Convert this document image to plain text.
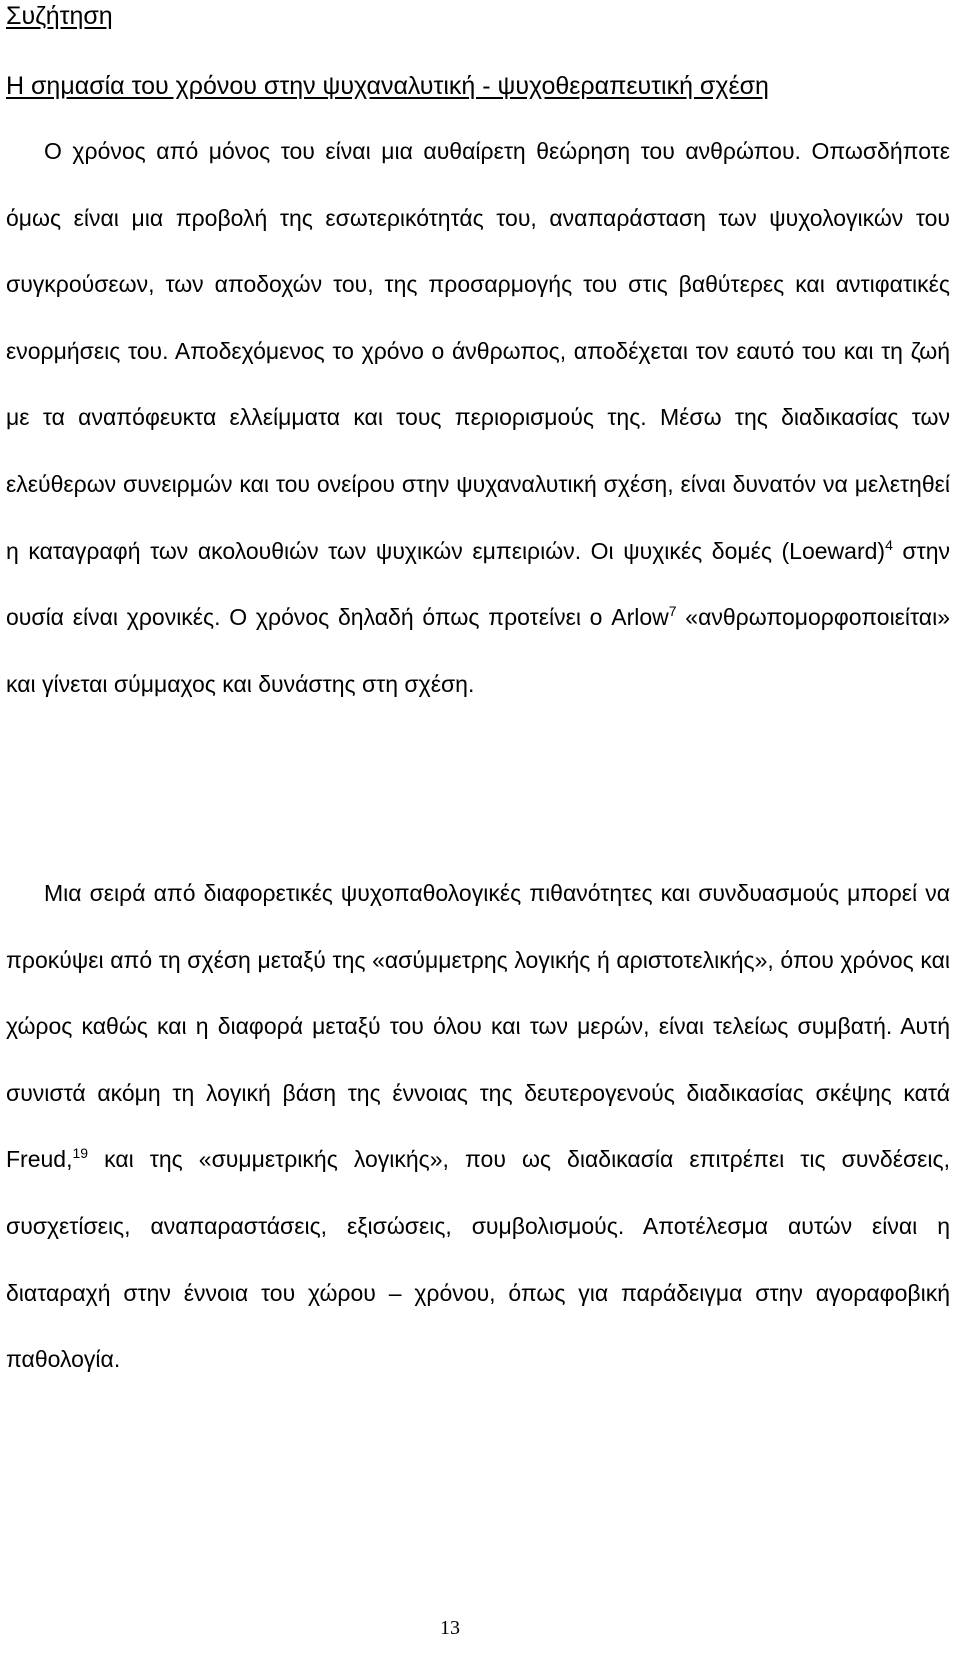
Συζήτηση
Η σημασία του χρόνου στην ψυχαναλυτική - ψυχοθεραπευτική σχέση

Ο χρόνος από μόνος του είναι μια αυθαίρετη θεώρηση του ανθρώπου. Οπωσδήποτε όμως είναι μια προβολή της εσωτερικότητάς του, αναπαράσταση των ψυχολογικών του συγκρούσεων, των αποδοχών του, της προσαρμογής του στις βαθύτερες και αντιφατικές ενορμήσεις του. Αποδεχόμενος το χρόνο ο άνθρωπος, αποδέχεται τον εαυτό του και τη ζωή με τα αναπόφευκτα ελλείμματα και τους περιορισμούς της. Μέσω της διαδικασίας των ελεύθερων συνειρμών και του ονείρου στην ψυχαναλυτική σχέση, είναι δυνατόν να μελετηθεί η καταγραφή των ακολουθιών των ψυχικών εμπειριών. Οι ψυχικές δομές (Loeward)$^4$ στην ουσία είναι χρονικές. Ο χρόνος δηλαδή όπως προτείνει ο Arlow$^7$ «ανθρωπομορφοποιείται» και γίνεται σύμμαχος και δυνάστης στη σχέση.

Μια σειρά από διαφορετικές ψυχοπαθολογικές πιθανότητες και συνδυασμούς μπορεί να προκύψει από τη σχέση μεταξύ της «ασύμμετρης λογικής ή αριστοτελικής», όπου χρόνος και χώρος καθώς και η διαφορά μεταξύ του όλου και των μερών, είναι τελείως συμβατή. Αυτή συνιστά ακόμη τη λογική βάση της έννοιας της δευτερογενούς διαδικασίας σκέψης κατά Freud,$^{19}$ και της «συμμετρικής λογικής», που ως διαδικασία επιτρέπει τις συνδέσεις, συσχετίσεις, αναπαραστάσεις, εξισώσεις, συμβολισμούς. Αποτέλεσμα αυτών είναι η διαταραχή στην έννοια του χώρου – χρόνου, όπως για παράδειγμα στην αγοραφοβική παθολογία.

13
